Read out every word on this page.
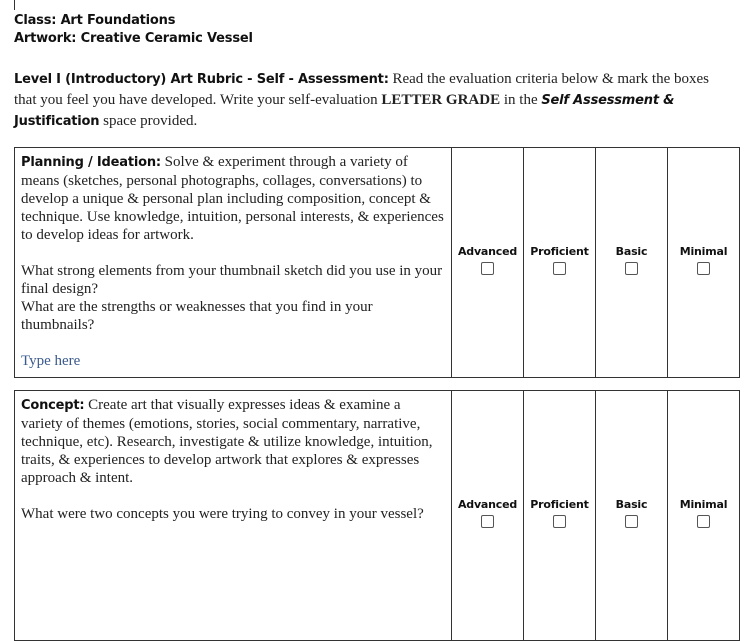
Class: Art Foundations
Artwork: Creative Ceramic Vessel
Level I (Introductory) Art Rubric - Self - Assessment: Read the evaluation criteria below & mark the boxes that you feel you have developed. Write your self-evaluation LETTER GRADE in the Self Assessment & Justification space provided.

Planning / Ideation: Solve & experiment through a variety of means (sketches, personal photographs, collages, conversations) to develop a unique & personal plan including composition, concept & technique. Use knowledge, intuition, personal interests, & experiences to develop ideas for artwork.

What strong elements from your thumbnail sketch did you use in your final design?

What are the strengths or weaknesses that you find in your thumbnails?

Type here

Advanced	Proficient	Basic	Minimal

Concept: Create art that visually expresses ideas & examine a variety of themes (emotions, stories, social commentary, narrative, technique, etc). Research, investigate & utilize knowledge, intuition, traits, & experiences to develop artwork that explores & expresses approach & intent.

What were two concepts you were trying to convey in your vessel?

Advanced	Proficient	Basic	Minimal
